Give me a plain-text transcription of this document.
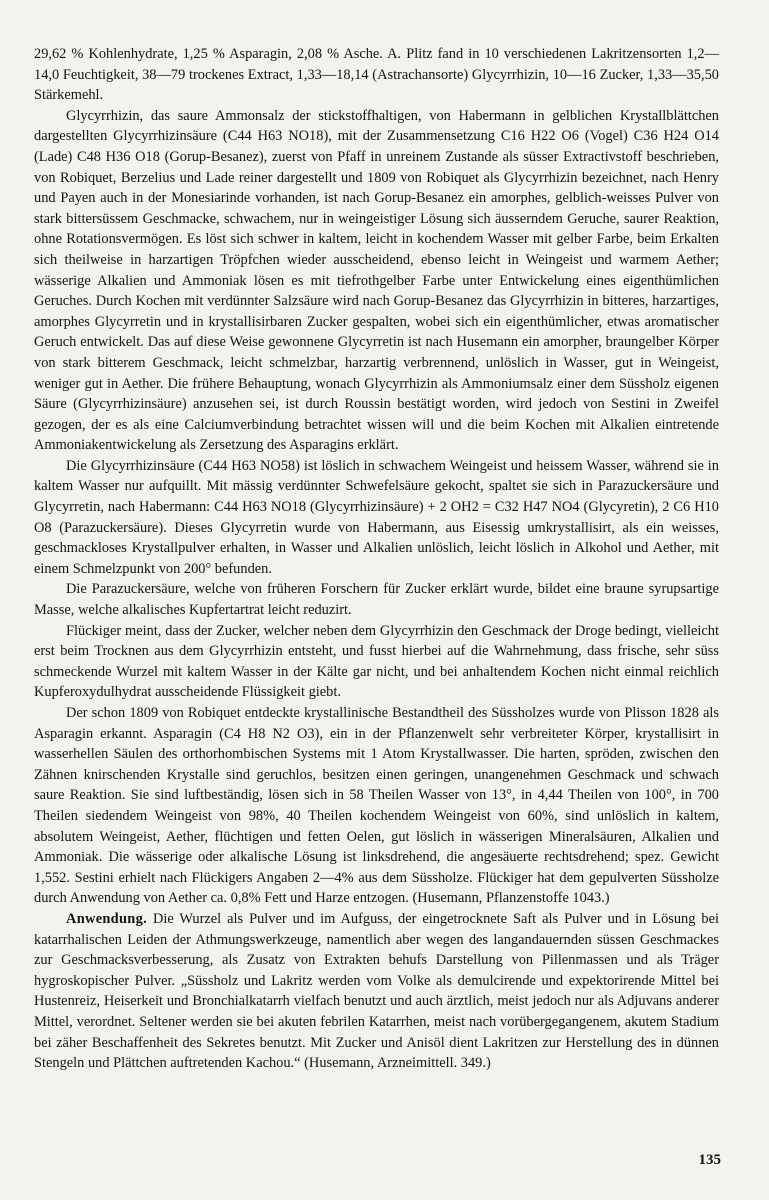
29,62 % Kohlenhydrate, 1,25 % Asparagin, 2,08 % Asche. A. Plitz fand in 10 verschiedenen Lakritzensorten 1,2—14,0 Feuchtigkeit, 38—79 trockenes Extract, 1,33—18,14 (Astrachansorte) Glycyrrhizin, 10—16 Zucker, 1,33—35,50 Stärkemehl.

Glycyrrhizin, das saure Ammonsalz der stickstoffhaltigen, von Habermann in gelblichen Krystallblättchen dargestellten Glycyrrhizinsäure (C44 H63 NO18), mit der Zusammensetzung C16 H22 O6 (Vogel) C36 H24 O14 (Lade) C48 H36 O18 (Gorup-Besanez), zuerst von Pfaff in unreinem Zustande als süsser Extractivstoff beschrieben, von Robiquet, Berzelius und Lade reiner dargestellt und 1809 von Robiquet als Glycyrrhizin bezeichnet, nach Henry und Payen auch in der Monesiarinde vorhanden, ist nach Gorup-Besanez ein amorphes, gelblich-weisses Pulver von stark bittersüssem Geschmacke, schwachem, nur in weingeistiger Lösung sich äusserndem Geruche, saurer Reaktion, ohne Rotationsvermögen. Es löst sich schwer in kaltem, leicht in kochendem Wasser mit gelber Farbe, beim Erkalten sich theilweise in harzartigen Tröpfchen wieder ausscheidend, ebenso leicht in Weingeist und warmem Aether; wässerige Alkalien und Ammoniak lösen es mit tiefrothgelber Farbe unter Entwickelung eines eigenthümlichen Geruches. Durch Kochen mit verdünnter Salzsäure wird nach Gorup-Besanez das Glycyrrhizin in bitteres, harzartiges, amorphes Glycyrretin und in krystallisirbaren Zucker gespalten, wobei sich ein eigenthümlicher, etwas aromatischer Geruch entwickelt. Das auf diese Weise gewonnene Glycyrretin ist nach Husemann ein amorpher, braungelber Körper von stark bitterem Geschmack, leicht schmelzbar, harzartig verbrennend, unlöslich in Wasser, gut in Weingeist, weniger gut in Aether. Die frühere Behauptung, wonach Glycyrrhizin als Ammoniumsalz einer dem Süssholz eigenen Säure (Glycyrrhizinsäure) anzusehen sei, ist durch Roussin bestätigt worden, wird jedoch von Sestini in Zweifel gezogen, der es als eine Calciumverbindung betrachtet wissen will und die beim Kochen mit Alkalien eintretende Ammoniakentwickelung als Zersetzung des Asparagins erklärt.

Die Glycyrrhizinsäure (C44 H63 NO58) ist löslich in schwachem Weingeist und heissem Wasser, während sie in kaltem Wasser nur aufquillt. Mit mässig verdünnter Schwefelsäure gekocht, spaltet sie sich in Parazuckersäure und Glycyrretin, nach Habermann: C44 H63 NO18 (Glycyrrhizinsäure) + 2 OH2 = C32 H47 NO4 (Glycyretin), 2 C6 H10 O8 (Parazuckersäure). Dieses Glycyrretin wurde von Habermann, aus Eisessig umkrystallisirt, als ein weisses, geschmackloses Krystallpulver erhalten, in Wasser und Alkalien unlöslich, leicht löslich in Alkohol und Aether, mit einem Schmelzpunkt von 200° befunden.

Die Parazuckersäure, welche von früheren Forschern für Zucker erklärt wurde, bildet eine braune syrupsartige Masse, welche alkalisches Kupfertartrat leicht reduzirt.

Flückiger meint, dass der Zucker, welcher neben dem Glycyrrhizin den Geschmack der Droge bedingt, vielleicht erst beim Trocknen aus dem Glycyrrhizin entsteht, und fusst hierbei auf die Wahrnehmung, dass frische, sehr süss schmeckende Wurzel mit kaltem Wasser in der Kälte gar nicht, und bei anhaltendem Kochen nicht einmal reichlich Kupferoxydulhydrat ausscheidende Flüssigkeit giebt.

Der schon 1809 von Robiquet entdeckte krystallinische Bestandtheil des Süssholzes wurde von Plisson 1828 als Asparagin erkannt. Asparagin (C4 H8 N2 O3), ein in der Pflanzenwelt sehr verbreiteter Körper, krystallisirt in wasserhellen Säulen des orthorhombischen Systems mit 1 Atom Krystallwasser. Die harten, spröden, zwischen den Zähnen knirschenden Krystalle sind geruchlos, besitzen einen geringen, unangenehmen Geschmack und schwach saure Reaktion. Sie sind luftbeständig, lösen sich in 58 Theilen Wasser von 13°, in 4,44 Theilen von 100°, in 700 Theilen siedendem Weingeist von 98%, 40 Theilen kochendem Weingeist von 60%, sind unlöslich in kaltem, absolutem Weingeist, Aether, flüchtigen und fetten Oelen, gut löslich in wässerigen Mineralsäuren, Alkalien und Ammoniak. Die wässerige oder alkalische Lösung ist linksdrehend, die angesäuerte rechtsdrehend; spez. Gewicht 1,552. Sestini erhielt nach Flückigers Angaben 2—4% aus dem Süssholze. Flückiger hat dem gepulverten Süssholze durch Anwendung von Aether ca. 0,8% Fett und Harze entzogen. (Husemann, Pflanzenstoffe 1043.)

Anwendung. Die Wurzel als Pulver und im Aufguss, der eingetrocknete Saft als Pulver und in Lösung bei katarrhalischen Leiden der Athmungswerkzeuge, namentlich aber wegen des langandauernden süssen Geschmackes zur Geschmacksverbesserung, als Zusatz von Extrakten behufs Darstellung von Pillenmassen und als Träger hygroskopischer Pulver. „Süssholz und Lakritz werden vom Volke als demulcirende und expektorirende Mittel bei Hustenreiz, Heiserkeit und Bronchialkatarrh vielfach benutzt und auch ärztlich, meist jedoch nur als Adjuvans anderer Mittel, verordnet. Seltener werden sie bei akuten febrilen Katarrhen, meist nach vorübergegangenem, akutem Stadium bei zäher Beschaffenheit des Sekretes benutzt. Mit Zucker und Anisöl dient Lakritzen zur Herstellung des in dünnen Stengeln und Plättchen auftretenden Kachou.“ (Husemann, Arzneimittell. 349.)

135
